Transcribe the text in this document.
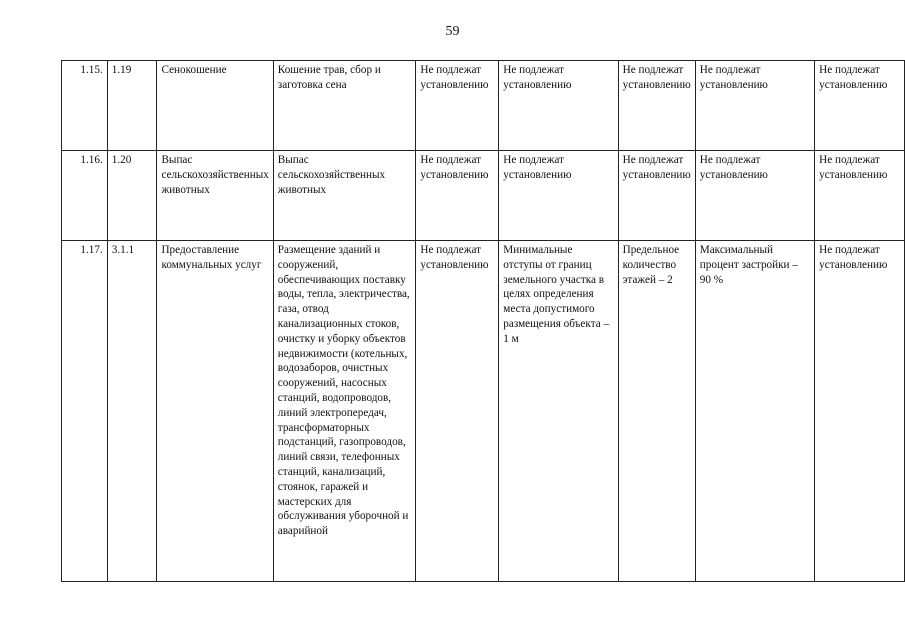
59
1.15.	1.19	Сенокошение	Кошение трав, сбор и заготовка сена	Не подлежат установлению	Не подлежат установлению	Не подлежат установлению	Не подлежат установлению	Не подлежат установлению
1.16.	1.20	Выпас сельскохозяйственных животных	Выпас сельскохозяйственных животных	Не подлежат установлению	Не подлежат установлению	Не подлежат установлению	Не подлежат установлению	Не подлежат установлению
1.17.	3.1.1	Предоставление коммунальных услуг	Размещение зданий и сооружений, обеспечивающих поставку воды, тепла, электричества, газа, отвод канализационных стоков, очистку и уборку объектов недвижимости (котельных, водозаборов, очистных сооружений, насосных станций, водопроводов, линий электропередач, трансформаторных подстанций, газопроводов, линий связи, телефонных станций, канализаций, стоянок, гаражей и мастерских для обслуживания уборочной и аварийной	Не подлежат установлению	Минимальные отступы от границ земельного участка в целях определения места допустимого размещения объекта – 1 м	Предельное количество этажей – 2	Максимальный процент застройки – 90 %	Не подлежат установлению
